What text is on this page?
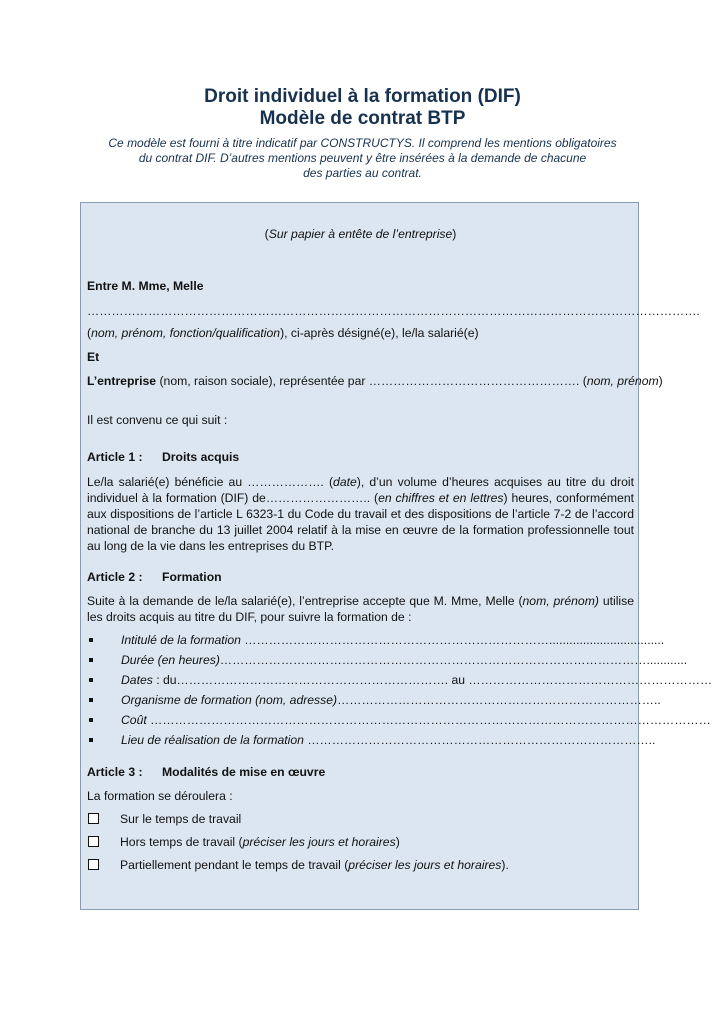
Droit individuel à la formation (DIF)

Modèle de contrat BTP

Ce modèle est fourni à titre indicatif par CONSTRUCTYS. Il comprend les mentions obligatoires
du contrat DIF. D’autres mentions peuvent y être insérées à la demande de chacune
des parties au contrat.

(Sur papier à entête de l’entreprise)

Entre M. Mme, Melle

…………………………………………………………………………………………………………………………………….

(nom, prénom, fonction/qualification), ci-après désigné(e), le/la salarié(e)

Et

L’entreprise (nom, raison sociale), représentée par ……………………………………………. (nom, prénom)

Il est convenu ce qui suit :

Article 1 :	Droits acquis

Le/la salarié(e) bénéficie au ………………. (date), d’un volume d’heures acquises au titre du droit individuel à la formation (DIF) de…………………….. (en chiffres et en lettres) heures, conformément aux dispositions de l’article L 6323-1 du Code du travail et des dispositions de l’article 7-2 de l’accord national de branche du 13 juillet 2004 relatif à la mise en œuvre de la formation professionnelle tout au long de la vie dans les entreprises du BTP.

Article 2 :	Formation

Suite à la demande de le/la salarié(e), l’entreprise accepte que M. Mme, Melle (nom, prénom) utilise les droits acquis au titre du DIF, pour suivre la formation de :

Intitulé de la formation …………………………………………………………………..................................
Durée (en heures)……………………………………………………………………………………………............
Dates : du…………………………………………………………. au ……………………………………………………
Organisme de formation (nom, adresse)……………………………………………………………………..
Coût …………………………………………………………………………………………………………………………
Lieu de réalisation de la formation …………………………………………………………………………..
Article 3 :	Modalités de mise en œuvre

La formation se déroulera :

Sur le temps de travail
Hors temps de travail (préciser les jours et horaires)
Partiellement pendant le temps de travail (préciser les jours et horaires).
